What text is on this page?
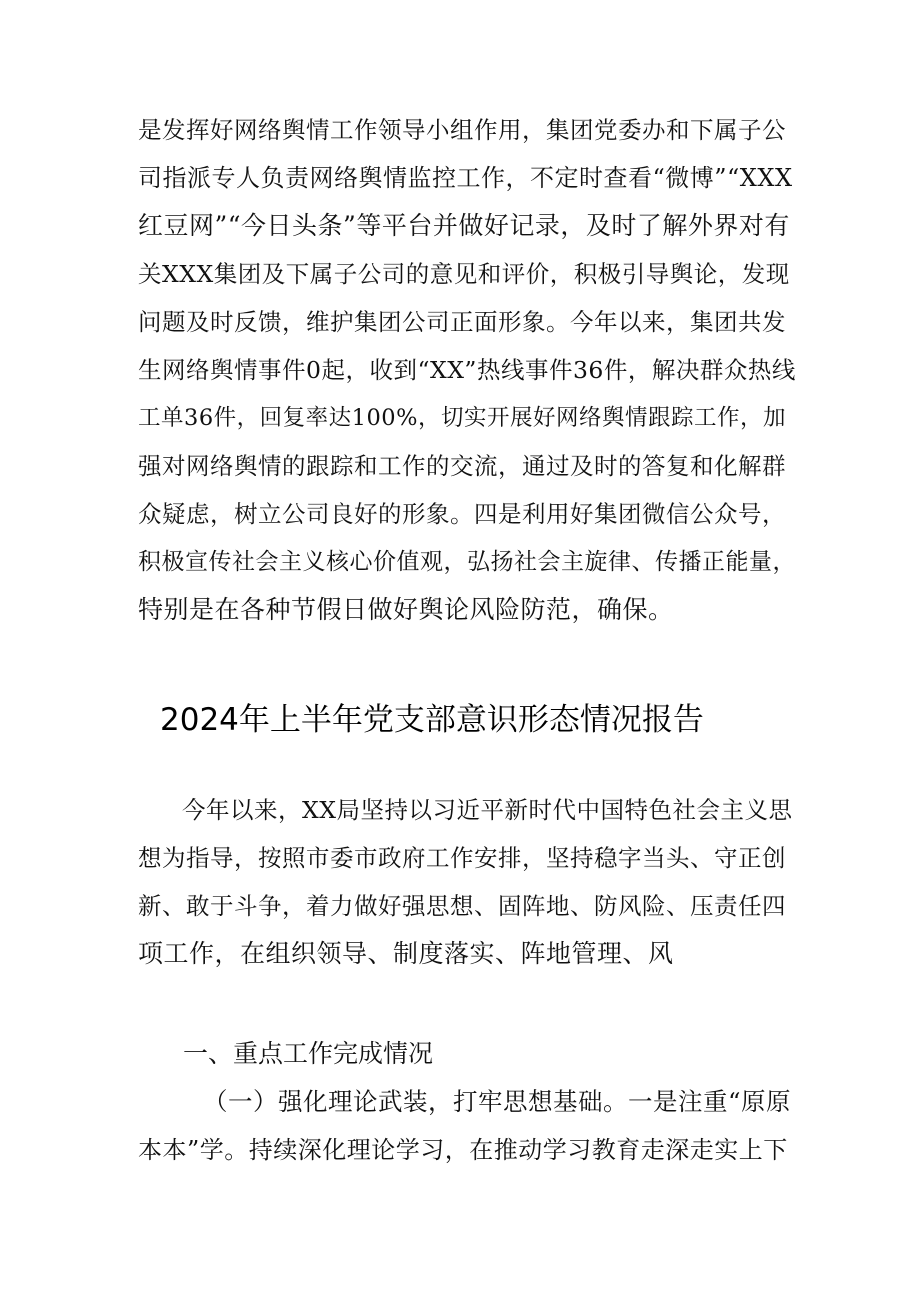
是发挥好网络舆情工作领导小组作用，集团党委办和下属子公
司指派专人负责网络舆情监控工作，不定时查看“微博”“XXX
红豆网”“今日头条”等平台并做好记录，及时了解外界对有
关XXX集团及下属子公司的意见和评价，积极引导舆论，发现
问题及时反馈，维护集团公司正面形象。今年以来，集团共发
生网络舆情事件0起，收到“XX”热线事件36件，解决群众热线
工单36件，回复率达100%，切实开展好网络舆情跟踪工作，加
强对网络舆情的跟踪和工作的交流，通过及时的答复和化解群
众疑虑，树立公司良好的形象。四是利用好集团微信公众号，
积极宣传社会主义核心价值观，弘扬社会主旋律、传播正能量，
特别是在各种节假日做好舆论风险防范，确保。
2024年上半年党支部意识形态情况报告
今年以来，XX局坚持以习近平新时代中国特色社会主义思
想为指导，按照市委市政府工作安排，坚持稳字当头、守正创
新、敢于斗争，着力做好强思想、固阵地、防风险、压责任四
项工作，在组织领导、制度落实、阵地管理、风
一、重点工作完成情况
（一）强化理论武装，打牢思想基础。一是注重“原原
本本”学。持续深化理论学习，在推动学习教育走深走实上下
